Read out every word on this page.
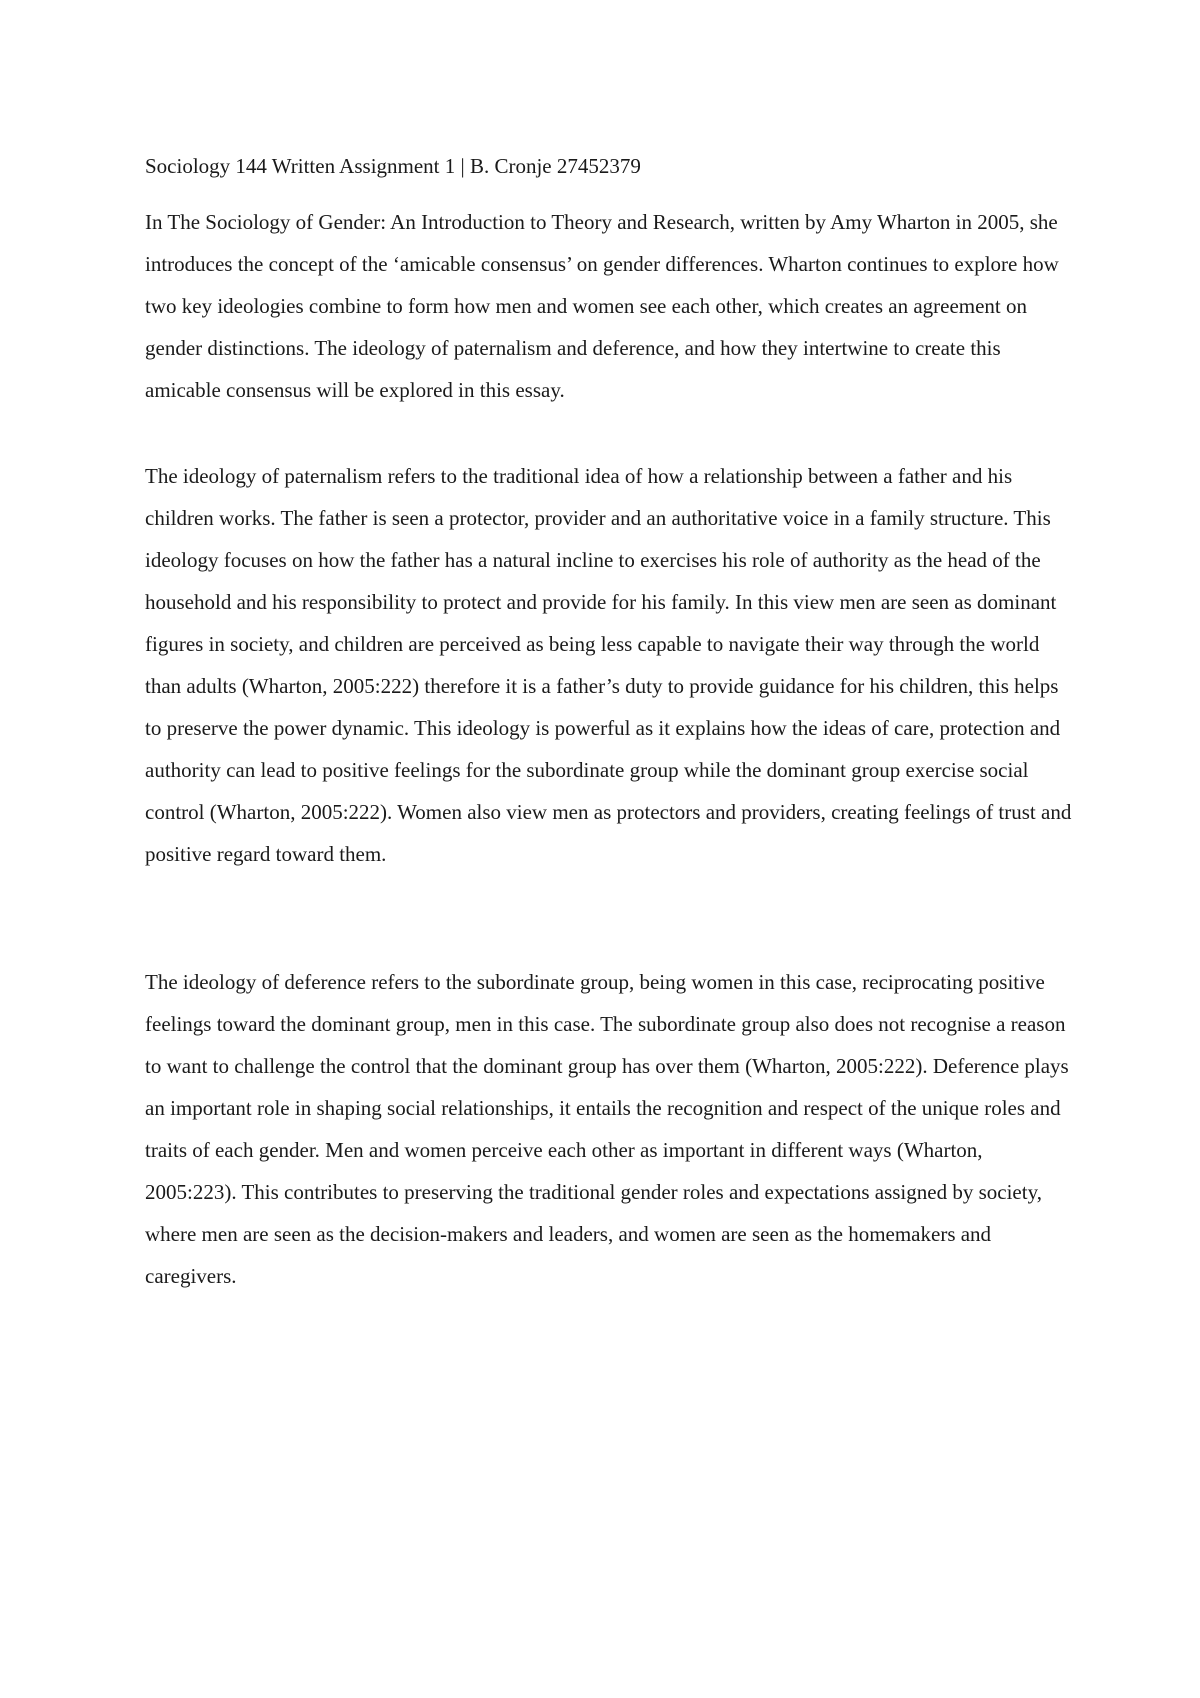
Sociology 144 Written Assignment 1 | B. Cronje 27452379

In The Sociology of Gender: An Introduction to Theory and Research, written by Amy Wharton in 2005, she introduces the concept of the ‘amicable consensus’ on gender differences. Wharton continues to explore how two key ideologies combine to form how men and women see each other, which creates an agreement on gender distinctions. The ideology of paternalism and deference, and how they intertwine to create this amicable consensus will be explored in this essay.

The ideology of paternalism refers to the traditional idea of how a relationship between a father and his children works. The father is seen a protector, provider and an authoritative voice in a family structure. This ideology focuses on how the father has a natural incline to exercises his role of authority as the head of the household and his responsibility to protect and provide for his family. In this view men are seen as dominant figures in society, and children are perceived as being less capable to navigate their way through the world than adults (Wharton, 2005:222) therefore it is a father’s duty to provide guidance for his children, this helps to preserve the power dynamic. This ideology is powerful as it explains how the ideas of care, protection and authority can lead to positive feelings for the subordinate group while the dominant group exercise social control (Wharton, 2005:222). Women also view men as protectors and providers, creating feelings of trust and positive regard toward them.

The ideology of deference refers to the subordinate group, being women in this case, reciprocating positive feelings toward the dominant group, men in this case. The subordinate group also does not recognise a reason to want to challenge the control that the dominant group has over them (Wharton, 2005:222). Deference plays an important role in shaping social relationships, it entails the recognition and respect of the unique roles and traits of each gender. Men and women perceive each other as important in different ways (Wharton, 2005:223). This contributes to preserving the traditional gender roles and expectations assigned by society, where men are seen as the decision-makers and leaders, and women are seen as the homemakers and caregivers.
